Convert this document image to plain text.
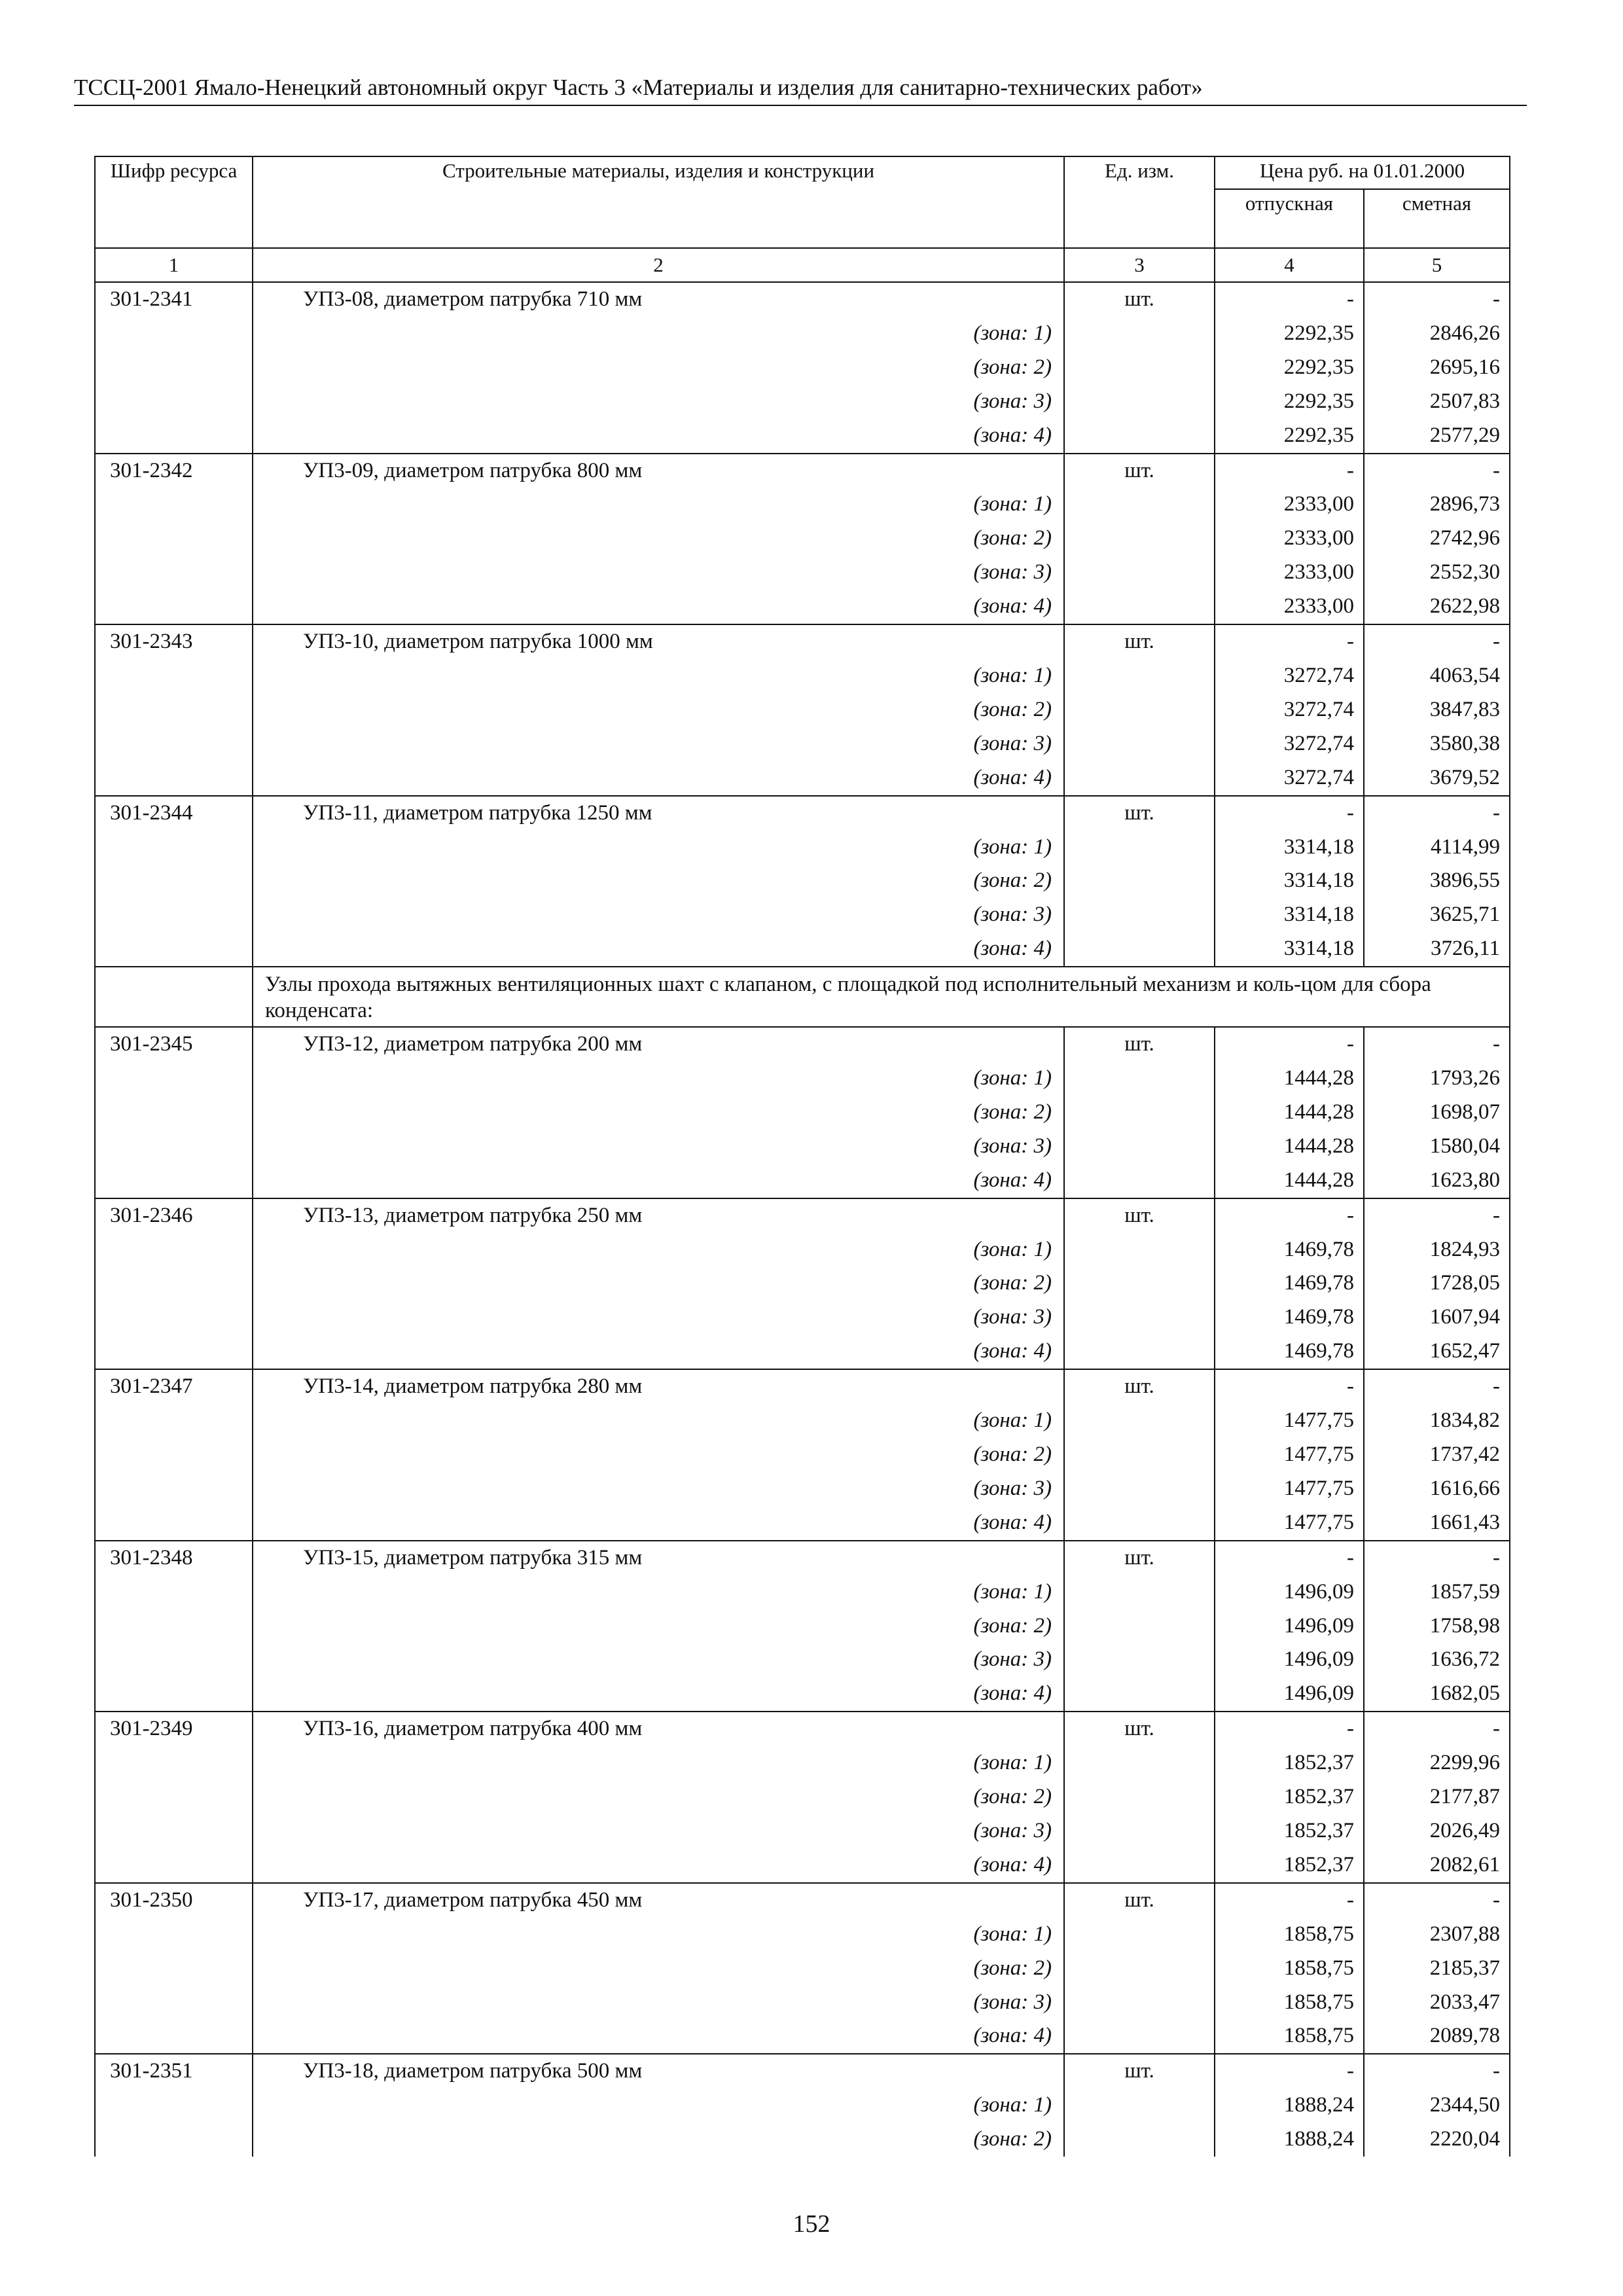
ТССЦ-2001 Ямало-Ненецкий автономный округ Часть 3 «Материалы и изделия для санитарно-технических работ»
Шифр ресурса	Строительные материалы, изделия и конструкции	Ед. изм.	Цена руб. на 01.01.2000	
			отпускная	сметная
1	2	3	4	5
301-2341	УП3-08, диаметром патрубка 710 мм	шт.	-	-
	(зона: 1)		2292,35	2846,26
	(зона: 2)		2292,35	2695,16
	(зона: 3)		2292,35	2507,83
	(зона: 4)		2292,35	2577,29
301-2342	УП3-09, диаметром патрубка 800 мм	шт.	-	-
	(зона: 1)		2333,00	2896,73
	(зона: 2)		2333,00	2742,96
	(зона: 3)		2333,00	2552,30
	(зона: 4)		2333,00	2622,98
301-2343	УП3-10, диаметром патрубка 1000 мм	шт.	-	-
	(зона: 1)		3272,74	4063,54
	(зона: 2)		3272,74	3847,83
	(зона: 3)		3272,74	3580,38
	(зона: 4)		3272,74	3679,52
301-2344	УП3-11, диаметром патрубка 1250 мм	шт.	-	-
	(зона: 1)		3314,18	4114,99
	(зона: 2)		3314,18	3896,55
	(зона: 3)		3314,18	3625,71
	(зона: 4)		3314,18	3726,11
	Узлы прохода вытяжных вентиляционных шахт с клапаном, с площадкой под исполнительный механизм и коль-цом для сбора конденсата:			
301-2345	УП3-12, диаметром патрубка 200 мм	шт.	-	-
	(зона: 1)		1444,28	1793,26
	(зона: 2)		1444,28	1698,07
	(зона: 3)		1444,28	1580,04
	(зона: 4)		1444,28	1623,80
301-2346	УП3-13, диаметром патрубка 250 мм	шт.	-	-
	(зона: 1)		1469,78	1824,93
	(зона: 2)		1469,78	1728,05
	(зона: 3)		1469,78	1607,94
	(зона: 4)		1469,78	1652,47
301-2347	УП3-14, диаметром патрубка 280 мм	шт.	-	-
	(зона: 1)		1477,75	1834,82
	(зона: 2)		1477,75	1737,42
	(зона: 3)		1477,75	1616,66
	(зона: 4)		1477,75	1661,43
301-2348	УП3-15, диаметром патрубка 315 мм	шт.	-	-
	(зона: 1)		1496,09	1857,59
	(зона: 2)		1496,09	1758,98
	(зона: 3)		1496,09	1636,72
	(зона: 4)		1496,09	1682,05
301-2349	УП3-16, диаметром патрубка 400 мм	шт.	-	-
	(зона: 1)		1852,37	2299,96
	(зона: 2)		1852,37	2177,87
	(зона: 3)		1852,37	2026,49
	(зона: 4)		1852,37	2082,61
301-2350	УП3-17, диаметром патрубка 450 мм	шт.	-	-
	(зона: 1)		1858,75	2307,88
	(зона: 2)		1858,75	2185,37
	(зона: 3)		1858,75	2033,47
	(зона: 4)		1858,75	2089,78
301-2351	УП3-18, диаметром патрубка 500 мм	шт.	-	-
	(зона: 1)		1888,24	2344,50
	(зона: 2)		1888,24	2220,04
152
